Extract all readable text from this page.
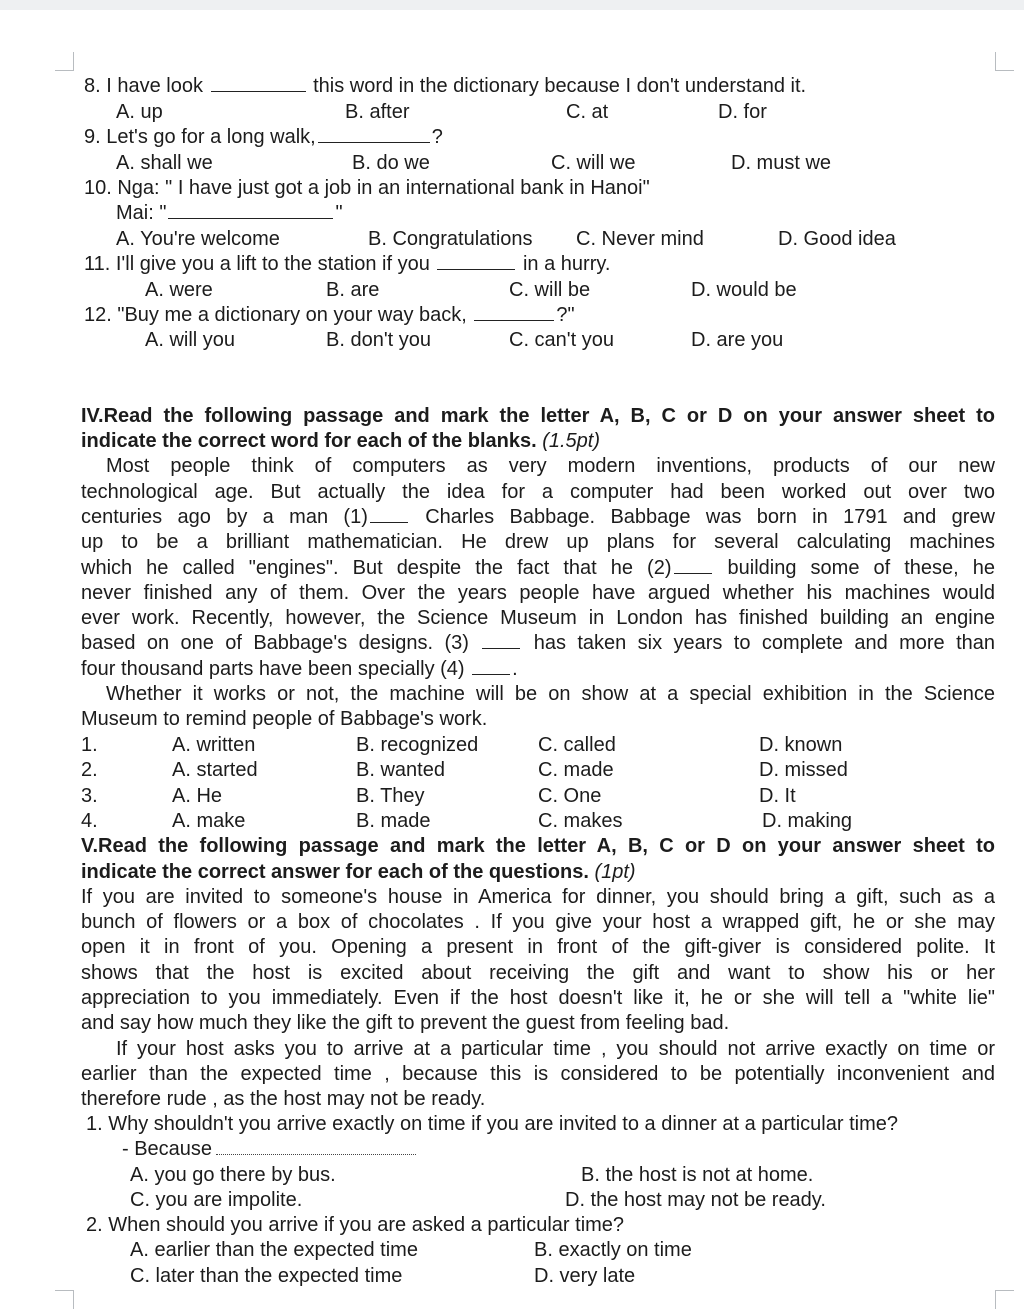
8. I have look	this word in the dictionary because I don't understand it.
A. up	B. after	C. at	D. for
9. Let's go for a long walk,	?
A. shall we	B. do we	C. will we	D. must we
10. Nga: " I have just got a job in an international bank in Hanoi"
Mai: "	"
A. You're welcome	B. Congratulations C. Never mind	D. Good idea
11. I'll give you a lift to the station if you	in a hurry.
A. were	B. are	C. will be	D. would be
12. "Buy me a dictionary on your way back,	?"
A. will you	B. don't you	C. can't you	D. are you
IV.Read the following passage and mark the letter A, B, C or D on your answer sheet to
indicate the correct word for each of the blanks. (1.5pt)
Most people think of computers as very modern inventions, products of our new
technological age. But actually the idea for a computer had been worked out over two
centuries ago by a man (1)	Charles Babbage. Babbage was born in 1791 and grew
up to be a brilliant mathematician. He drew up plans for several calculating machines
which he called "engines". But despite the fact that he (2)	building some of these, he
never finished any of them. Over the years people have argued whether his machines would
ever work. Recently, however, the Science Museum in London has finished building an engine
based on one of Babbage's designs. (3)	has taken six years to complete and more than
four thousand parts have been specially (4) .
Whether it works or not, the machine will be on show at a special exhibition in the Science
Museum to remind people of Babbage's work.
1.	A. written	B. recognized	C. called	D. known
2.	A. started	B. wanted	C. made	D. missed
3.	A. He	B. They	C. One	D. It
4.	A. make	B. made	C. makes	D. making
V.Read the following passage and mark the letter A, B, C or D on your answer sheet to
indicate the correct answer for each of the questions. (1pt)
If you are invited to someone's house in America for dinner, you should bring a gift, such as a
bunch of flowers or a box of chocolates . If you give your host a wrapped gift, he or she may
open it in front of you. Opening a present in front of the gift-giver is considered polite. It
shows that the host is excited about receiving the gift and want to show his or her
appreciation to you immediately. Even if the host doesn't like it, he or she will tell a "white lie"
and say how much they like the gift to prevent the guest from feeling bad.
If your host asks you to arrive at a particular time , you should not arrive exactly on time or
earlier than the expected time , because this is considered to be potentially inconvenient and
therefore rude , as the host may not be ready.
1. Why shouldn't you arrive exactly on time if you are invited to a dinner at a particular time?
- Because
A. you go there by bus.	B. the host is not at home.
C. you are impolite.	D. the host may not be ready.
2. When should you arrive if you are asked a particular time?
A. earlier than the expected time	B. exactly on time
C. later than the expected time	D. very late
